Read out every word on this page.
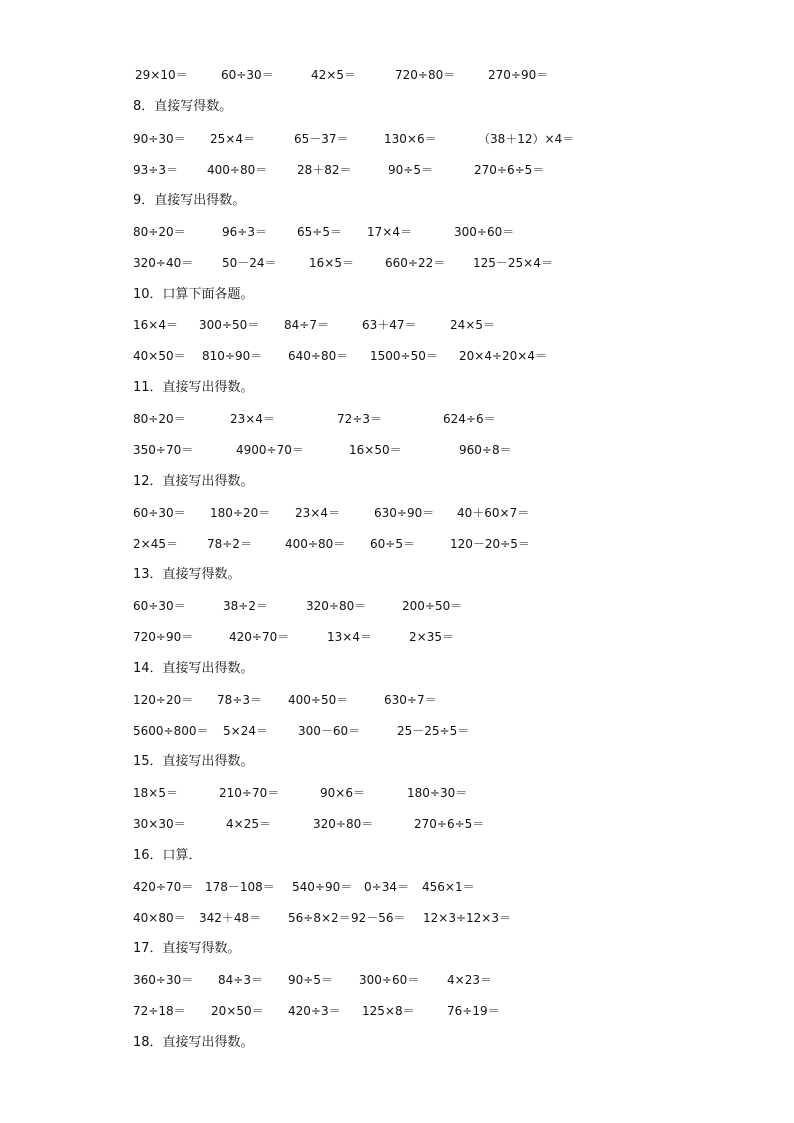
29×10＝	60÷30＝	42×5＝	720÷80＝	270÷90＝
8．直接写得数。
90÷30＝ 25×4＝	65－37＝	130×6＝	（38＋12）×4＝
93÷3＝ 400÷80＝ 28＋82＝	90÷5＝	270÷6÷5＝
9．直接写出得数。
80÷20＝	96÷3＝	65÷5＝ 17×4＝	300÷60＝
320÷40＝ 50－24＝	16×5＝	660÷22＝ 125－25×4＝
10．口算下面各题。
16×4＝ 300÷50＝ 84÷7＝	63＋47＝	24×5＝
40×50＝ 810÷90＝ 640÷80＝ 1500÷50＝ 20×4÷20×4＝
11．直接写出得数。
80÷20＝	23×4＝	72÷3＝	624÷6＝
350÷70＝	4900÷70＝	16×50＝	960÷8＝
12．直接写出得数。
60÷30＝ 180÷20＝ 23×4＝	630÷90＝ 40＋60×7＝
2×45＝ 78÷2＝	400÷80＝ 60÷5＝	120－20÷5＝
13．直接写得数。
60÷30＝	38÷2＝	320÷80＝	200÷50＝
720÷90＝	420÷70＝	13×4＝	2×35＝
14．直接写出得数。
120÷20＝ 78÷3＝ 400÷50＝	630÷7＝
5600÷800＝ 5×24＝	300－60＝	25－25÷5＝
15．直接写出得数。
18×5＝	210÷70＝	90×6＝	180÷30＝
30×30＝	4×25＝	320÷80＝	270÷6÷5＝
16．口算．
420÷70＝ 178－108＝ 540÷90＝ 0÷34＝ 456×1＝
40×80＝ 342＋48＝ 56÷8×2＝ 92－56＝ 12×3÷12×3＝
17．直接写得数。
360÷30＝ 84÷3＝ 90÷5＝ 300÷60＝ 4×23＝
72÷18＝ 20×50＝ 420÷3＝ 125×8＝	76÷19＝
18．直接写出得数。
